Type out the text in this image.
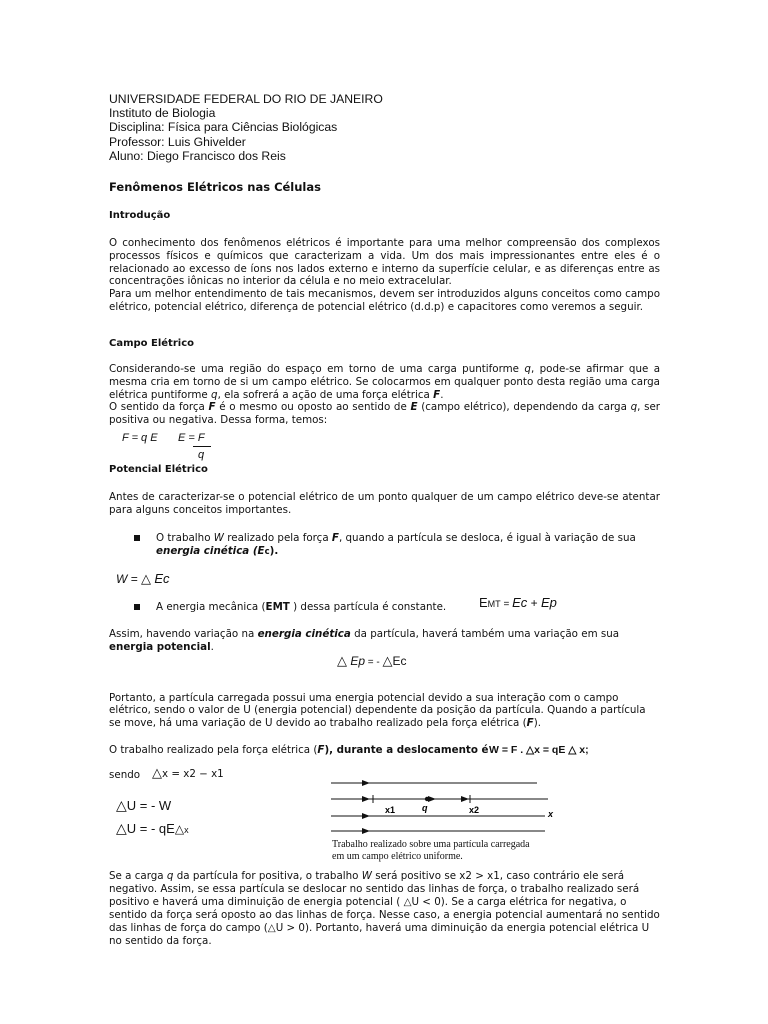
UNIVERSIDADE FEDERAL DO RIO DE JANEIRO
Instituto de Biologia
Disciplina: Física para Ciências Biológicas
Professor: Luis Ghivelder
Aluno: Diego Francisco dos Reis
Fenômenos Elétricos nas Células
Introdução

O conhecimento dos fenômenos elétricos é importante para uma melhor compreensão dos complexos processos físicos e químicos que caracterizam a vida. Um dos mais impressionantes entre eles é o relacionado ao excesso de íons nos lados externo e interno da superfície celular, e as diferenças entre as concentrações iônicas no interior da célula e no meio extracelular.

Para um melhor entendimento de tais mecanismos, devem ser introduzidos alguns conceitos como campo elétrico, potencial elétrico, diferença de potencial elétrico (d.d.p) e capacitores como veremos a seguir.

Campo Elétrico

Considerando-se uma região do espaço em torno de uma carga puntiforme q, pode-se afirmar que a mesma cria em torno de si um campo elétrico. Se colocarmos em qualquer ponto desta região uma carga elétrica puntiforme q, ela sofrerá a ação de uma força elétrica F.

O sentido da força F é o mesmo ou oposto ao sentido de E (campo elétrico), dependendo da carga q, ser positiva ou negativa. Dessa forma, temos:

F = q E E = F
q
Potencial Elétrico
Antes de caracterizar-se o potencial elétrico de um ponto qualquer de um campo elétrico deve-se atentar para alguns conceitos importantes.
O trabalho W realizado pela força F, quando a partícula se desloca, é igual à variação de sua
energia cinética (Ec).
W = △ Ec
A energia mecânica (EMT ) dessa partícula é constante.	EMT = Ec + Ep
Assim, havendo variação na energia cinética da partícula, haverá também uma variação em sua
energia potencial.
△ Ep = - △Ec
Portanto, a partícula carregada possui uma energia potencial devido a sua interação com o campo elétrico, sendo o valor de U (energia potencial) dependente da posição da partícula. Quando a partícula se move, há uma variação de U devido ao trabalho realizado pela força elétrica (F).
O trabalho realizado pela força elétrica (F), durante a deslocamento é W = F . △x = qE △ x;
sendo △x = x2 − x1
△U = - W
△U = - qE△x
x1	q	x2	x
Trabalho realizado sobre uma partícula carregada
em um campo elétrico uniforme.
Se a carga q da partícula for positiva, o trabalho W será positivo se x2 > x1, caso contrário ele será negativo. Assim, se essa partícula se deslocar no sentido das linhas de força, o trabalho realizado será positivo e haverá uma diminuição de energia potencial ( △U < 0). Se a carga elétrica for negativa, o sentido da força será oposto ao das linhas de força. Nesse caso, a energia potencial aumentará no sentido das linhas de força do campo (△U > 0). Portanto, haverá uma diminuição da energia potencial elétrica U no sentido da força.
